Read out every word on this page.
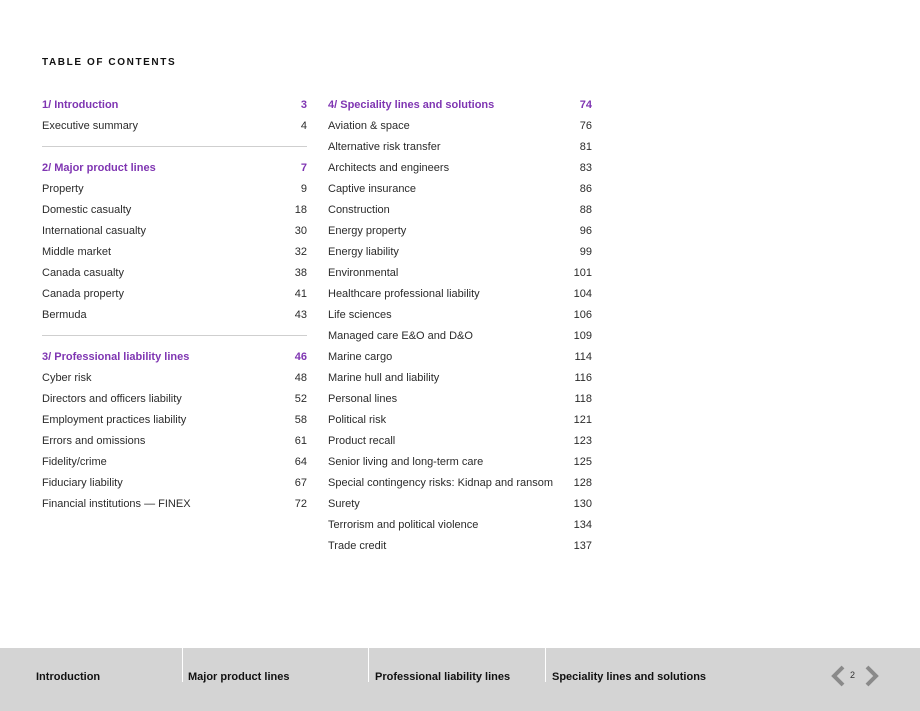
TABLE OF CONTENTS
1/ Introduction	3
Executive summary	4
2/ Major product lines	7
Property	9
Domestic casualty	18
International casualty	30
Middle market	32
Canada casualty	38
Canada property	41
Bermuda	43
3/ Professional liability lines	46
Cyber risk	48
Directors and officers liability	52
Employment practices liability	58
Errors and omissions	61
Fidelity/crime	64
Fiduciary liability	67
Financial institutions — FINEX	72
4/ Speciality lines and solutions	74
Aviation & space	76
Alternative risk transfer	81
Architects and engineers	83
Captive insurance	86
Construction	88
Energy property	96
Energy liability	99
Environmental	101
Healthcare professional liability	104
Life sciences	106
Managed care E&O and D&O	109
Marine cargo	114
Marine hull and liability	116
Personal lines	118
Political risk	121
Product recall	123
Senior living and long-term care	125
Special contingency risks: Kidnap and ransom 128
Surety	130
Terrorism and political violence	134
Trade credit	137
Introduction	Major product lines	Professional liability lines	Speciality lines and solutions	2
